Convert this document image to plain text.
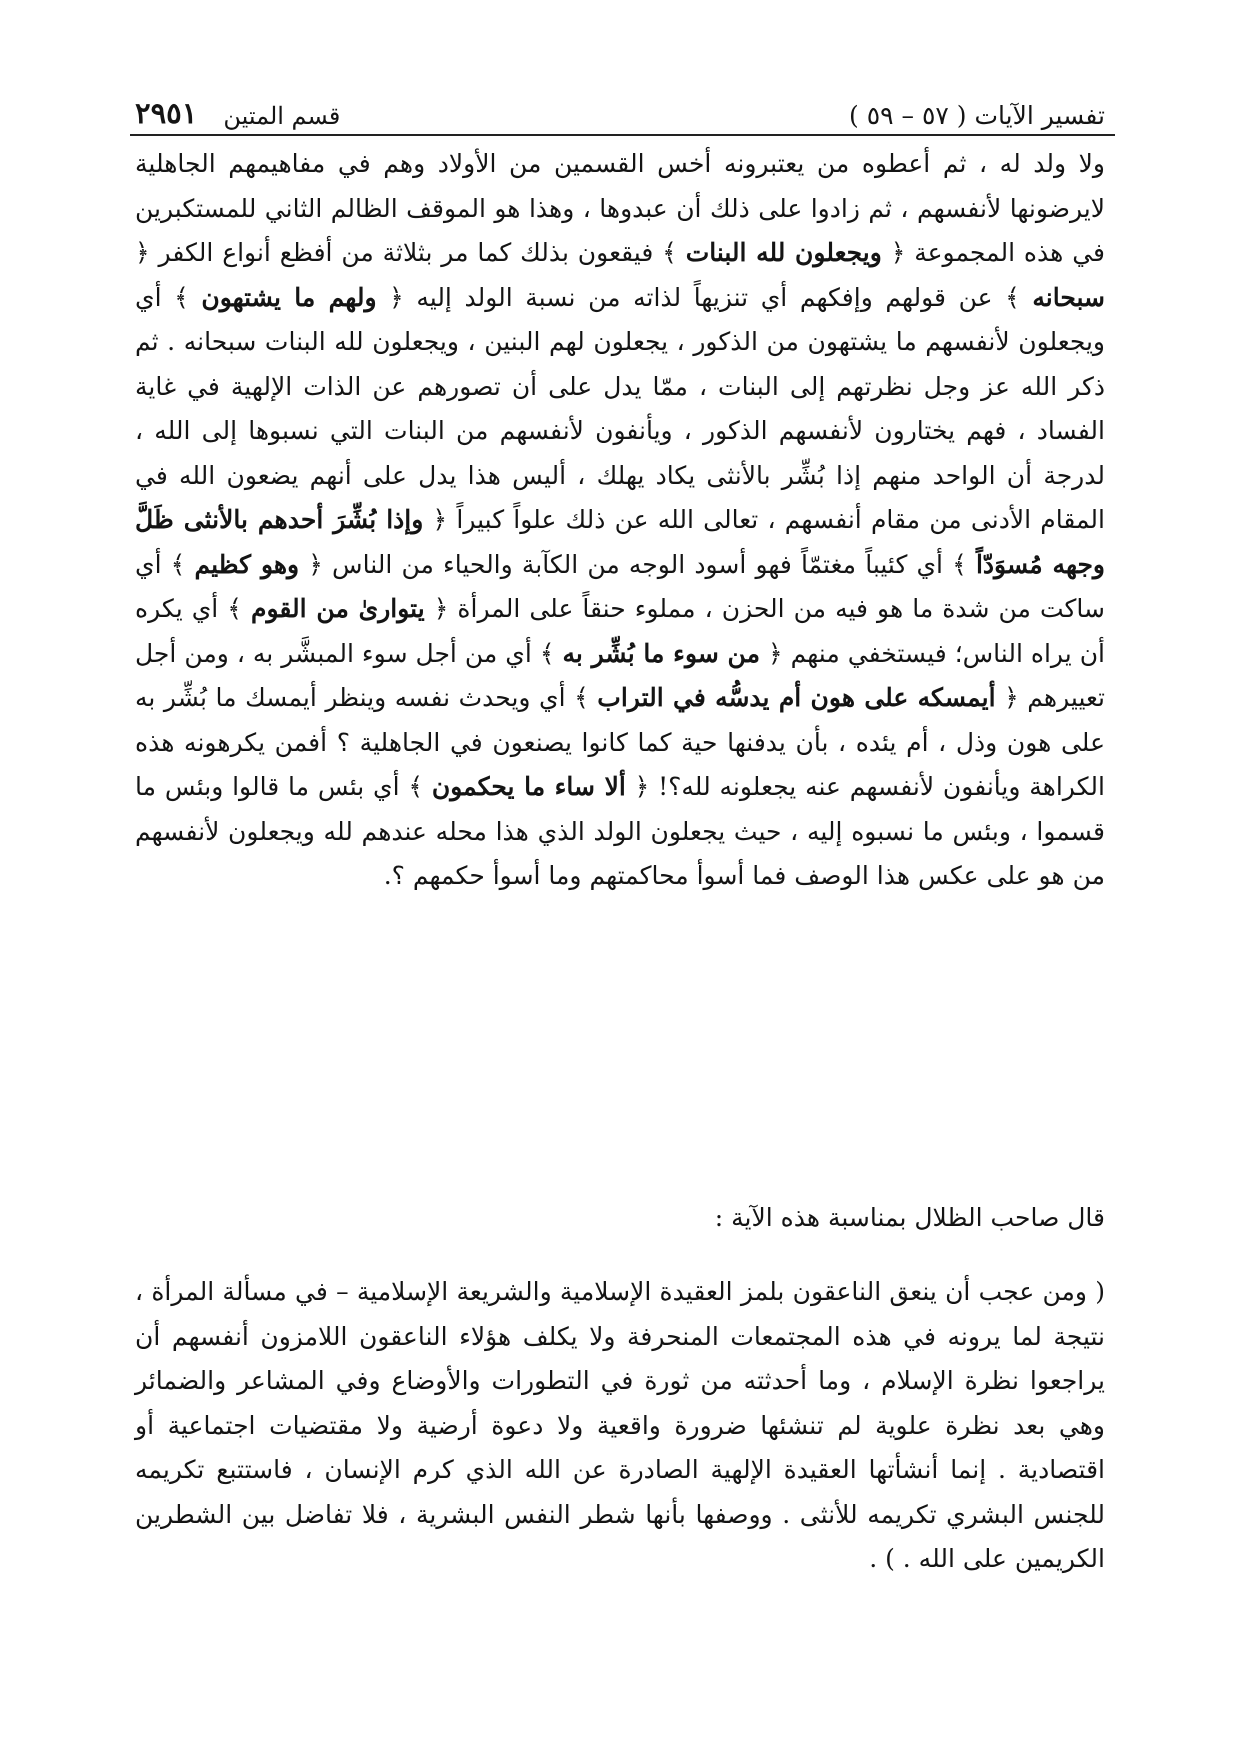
تفسير الآيات ( ٥٧ – ٥٩ )
قسم المتين
٢٩٥١

ولا ولد له ، ثم أعطوه من يعتبرونه أخس القسمين من الأولاد وهم في مفاهيمهم الجاهلية لايرضونها لأنفسهم ، ثم زادوا على ذلك أن عبدوها ، وهذا هو الموقف الظالم الثاني للمستكبرين في هذه المجموعة ﴿ ويجعلون لله البنات ﴾ فيقعون بذلك كما مر بثلاثة من أفظع أنواع الكفر ﴿ سبحانه ﴾ عن قولهم وإفكهم أي تنزيهاً لذاته من نسبة الولد إليه ﴿ ولهم ما يشتهون ﴾ أي ويجعلون لأنفسهم ما يشتهون من الذكور ، يجعلون لهم البنين ، ويجعلون لله البنات سبحانه . ثم ذكر الله عز وجل نظرتهم إلى البنات ، ممّا يدل على أن تصورهم عن الذات الإلهية في غاية الفساد ، فهم يختارون لأنفسهم الذكور ، ويأنفون لأنفسهم من البنات التي نسبوها إلى الله ، لدرجة أن الواحد منهم إذا بُشِّر بالأنثى يكاد يهلك ، أليس هذا يدل على أنهم يضعون الله في المقام الأدنى من مقام أنفسهم ، تعالى الله عن ذلك علواً كبيراً ﴿ وإذا بُشِّرَ أحدهم بالأنثى ظَلَّ وجهه مُسوَدّاً ﴾ أي كئيباً مغتمّاً فهو أسود الوجه من الكآبة والحياء من الناس ﴿ وهو كظيم ﴾ أي ساكت من شدة ما هو فيه من الحزن ، مملوء حنقاً على المرأة ﴿ يتوارىٰ من القوم ﴾ أي يكره أن يراه الناس؛ فيستخفي منهم ﴿ من سوء ما بُشِّر به ﴾ أي من أجل سوء المبشَّر به ، ومن أجل تعييرهم ﴿ أيمسكه على هون أم يدسُّه في التراب ﴾ أي ويحدث نفسه وينظر أيمسك ما بُشِّر به على هون وذل ، أم يئده ، بأن يدفنها حية كما كانوا يصنعون في الجاهلية ؟ أفمن يكرهونه هذه الكراهة ويأنفون لأنفسهم عنه يجعلونه لله؟! ﴿ ألا ساء ما يحكمون ﴾ أي بئس ما قالوا وبئس ما قسموا ، وبئس ما نسبوه إليه ، حيث يجعلون الولد الذي هذا محله عندهم لله ويجعلون لأنفسهم من هو على عكس هذا الوصف فما أسوأ محاكمتهم وما أسوأ حكمهم ؟.

قال صاحب الظلال بمناسبة هذه الآية :

( ومن عجب أن ينعق الناعقون بلمز العقيدة الإسلامية والشريعة الإسلامية – في مسألة المرأة ، نتيجة لما يرونه في هذه المجتمعات المنحرفة ولا يكلف هؤلاء الناعقون اللامزون أنفسهم أن يراجعوا نظرة الإسلام ، وما أحدثته من ثورة في التطورات والأوضاع وفي المشاعر والضمائر وهي بعد نظرة علوية لم تنشئها ضرورة واقعية ولا دعوة أرضية ولا مقتضيات اجتماعية أو اقتصادية . إنما أنشأتها العقيدة الإلهية الصادرة عن الله الذي كرم الإنسان ، فاستتبع تكريمه للجنس البشري تكريمه للأنثى . ووصفها بأنها شطر النفس البشرية ، فلا تفاضل بين الشطرين الكريمين على الله . ) .
